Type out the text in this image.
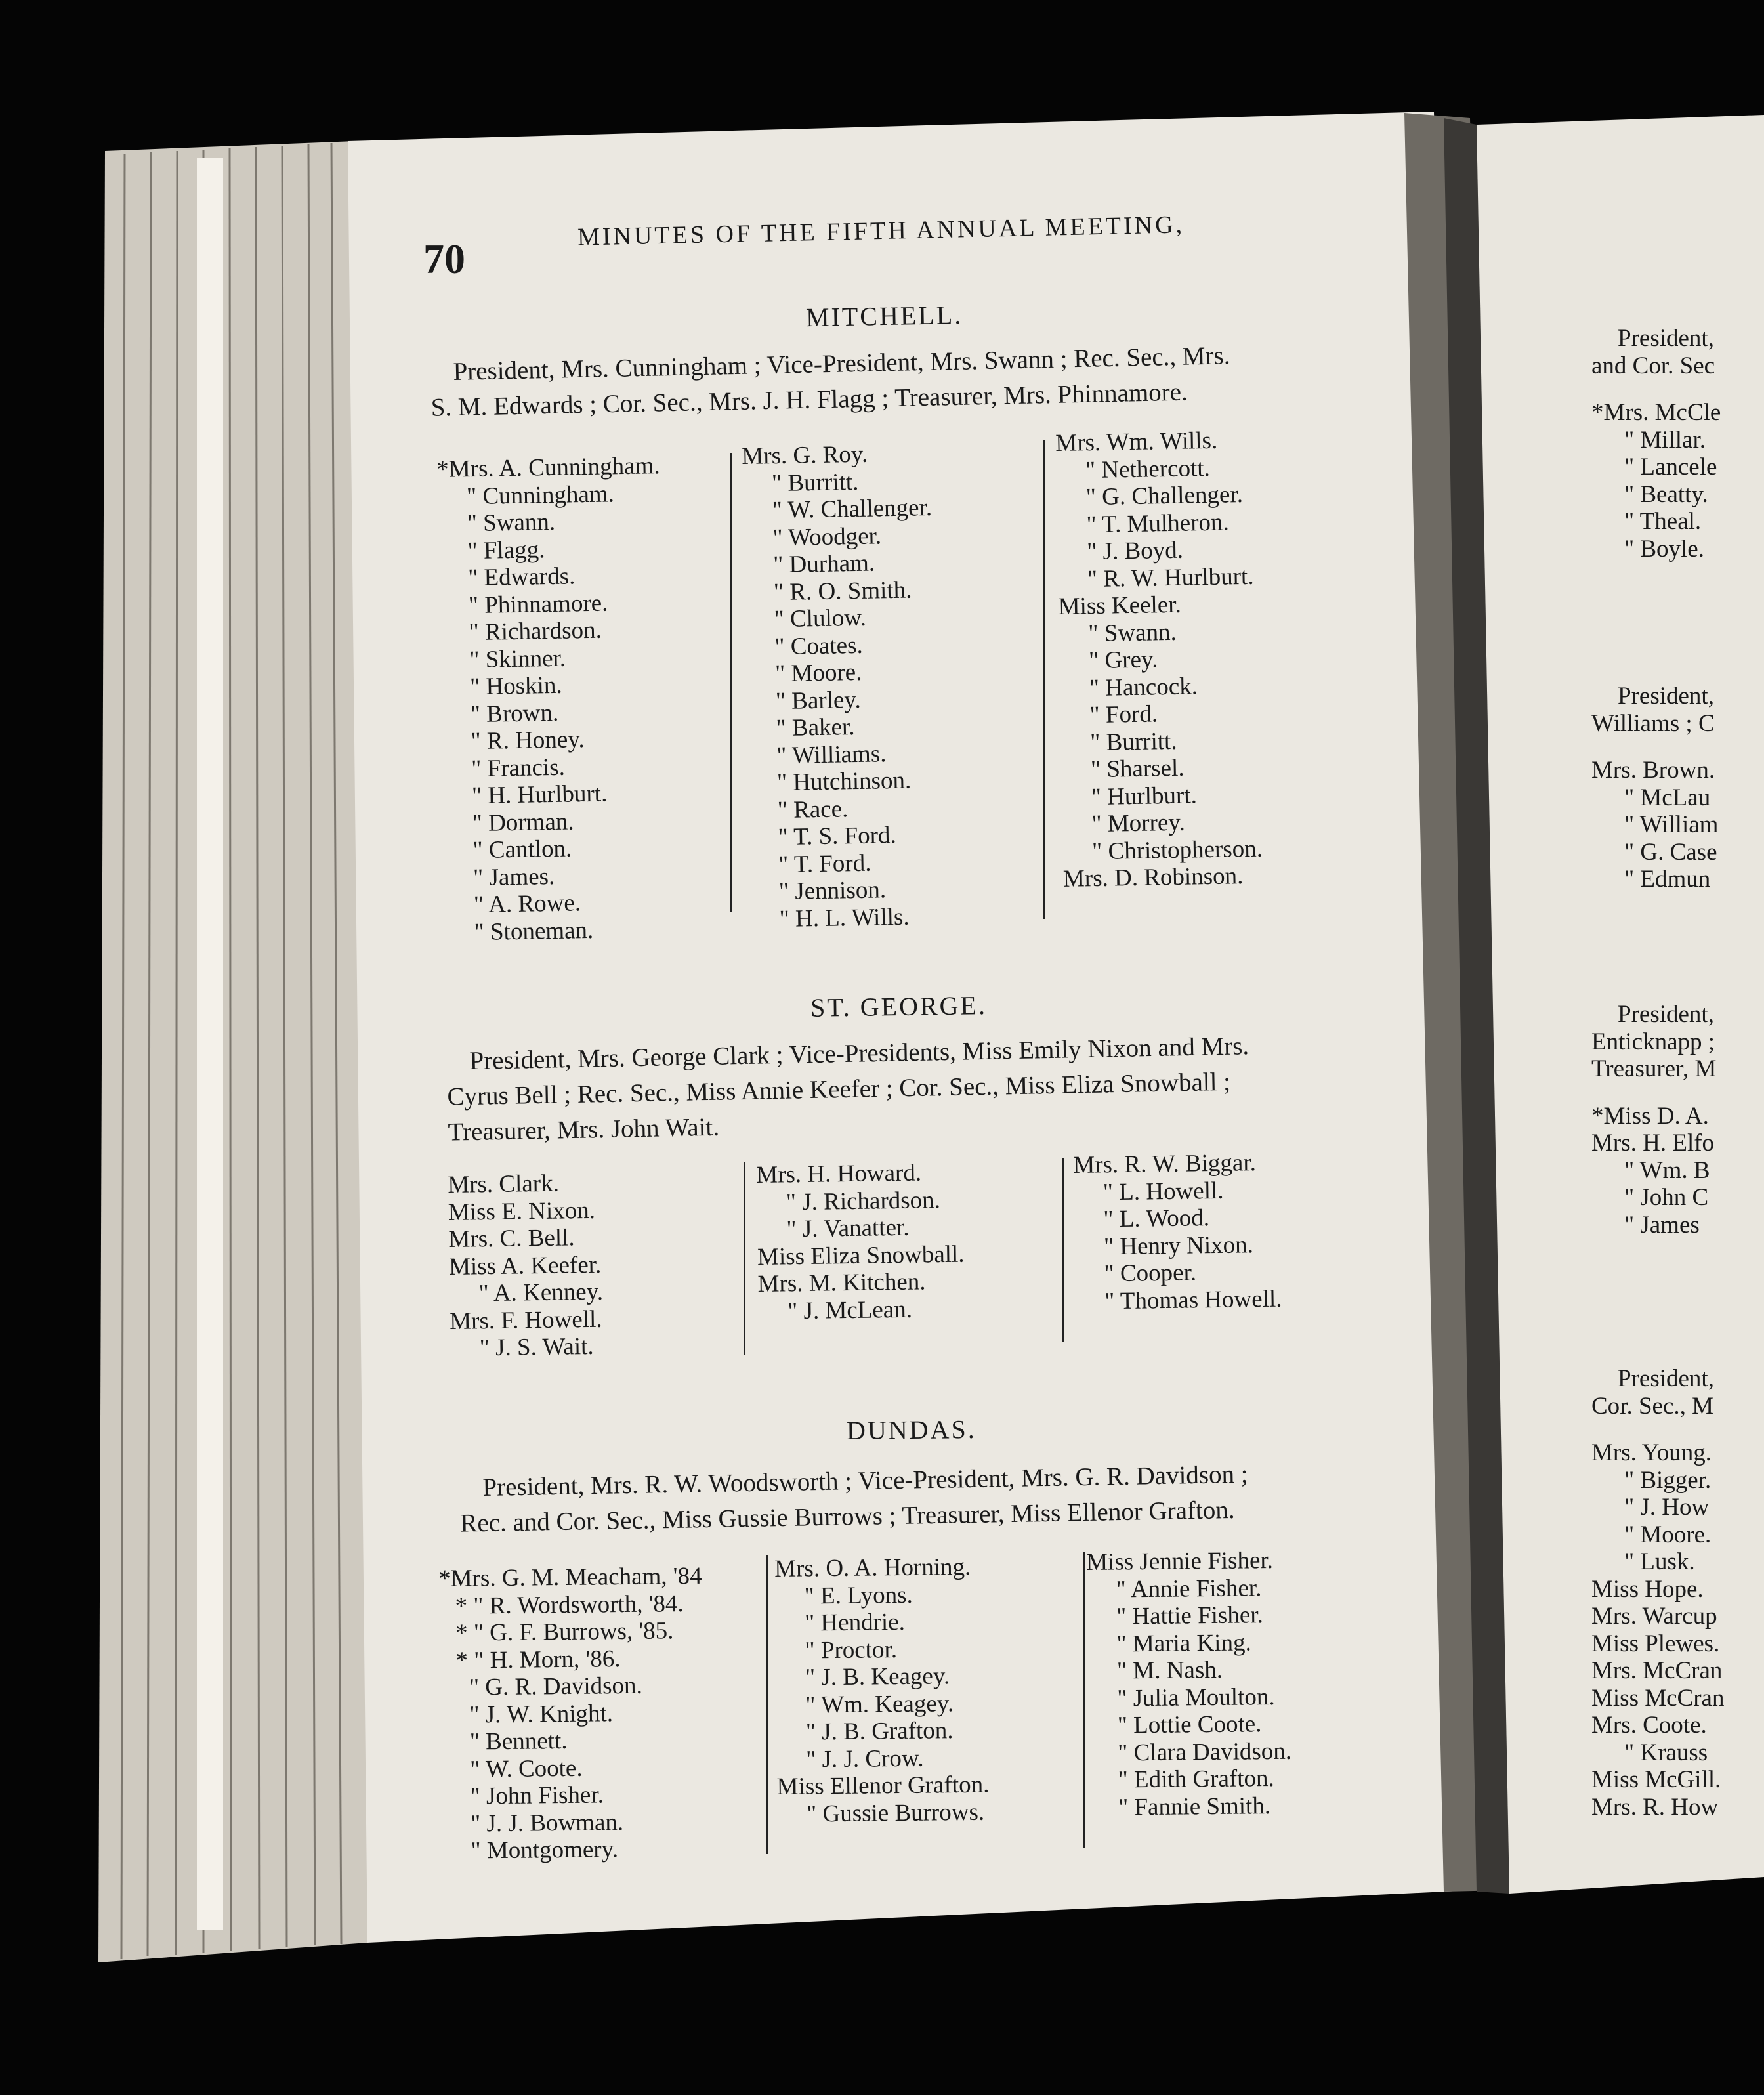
70
MINUTES OF THE FIFTH ANNUAL MEETING,
MITCHELL.
President, Mrs. Cunningham ; Vice-President, Mrs. Swann ; Rec. Sec., Mrs.
S. M. Edwards ; Cor. Sec., Mrs. J. H. Flagg ; Treasurer, Mrs. Phinnamore.
*Mrs. A. Cunningham.
" Cunningham.
" Swann.
" Flagg.
" Edwards.
" Phinnamore.
" Richardson.
" Skinner.
" Hoskin.
" Brown.
" R. Honey.
" Francis.
" H. Hurlburt.
" Dorman.
" Cantlon.
" James.
" A. Rowe.
" Stoneman.
Mrs. G. Roy.
" Burritt.
" W. Challenger.
" Woodger.
" Durham.
" R. O. Smith.
" Clulow.
" Coates.
" Moore.
" Barley.
" Baker.
" Williams.
" Hutchinson.
" Race.
" T. S. Ford.
" T. Ford.
" Jennison.
" H. L. Wills.
Mrs. Wm. Wills.
" Nethercott.
" G. Challenger.
" T. Mulheron.
" J. Boyd.
" R. W. Hurlburt.
Miss Keeler.
" Swann.
" Grey.
" Hancock.
" Ford.
" Burritt.
" Sharsel.
" Hurlburt.
" Morrey.
" Christopherson.
Mrs. D. Robinson.
ST. GEORGE.
President, Mrs. George Clark ; Vice-Presidents, Miss Emily Nixon and Mrs.
Cyrus Bell ; Rec. Sec., Miss Annie Keefer ; Cor. Sec., Miss Eliza Snowball ;
Treasurer, Mrs. John Wait.
Mrs. Clark.
Miss E. Nixon.
Mrs. C. Bell.
Miss A. Keefer.
" A. Kenney.
Mrs. F. Howell.
" J. S. Wait.
Mrs. H. Howard.
" J. Richardson.
" J. Vanatter.
Miss Eliza Snowball.
Mrs. M. Kitchen.
" J. McLean.
Mrs. R. W. Biggar.
" L. Howell.
" L. Wood.
" Henry Nixon.
" Cooper.
" Thomas Howell.
DUNDAS.
President, Mrs. R. W. Woodsworth ; Vice-President, Mrs. G. R. Davidson ;
Rec. and Cor. Sec., Miss Gussie Burrows ; Treasurer, Miss Ellenor Grafton.
*Mrs. G. M. Meacham, '84
* " R. Wordsworth, '84.
* " G. F. Burrows, '85.
* " H. Morn, '86.
" G. R. Davidson.
" J. W. Knight.
" Bennett.
" W. Coote.
" John Fisher.
" J. J. Bowman.
" Montgomery.
Mrs. O. A. Horning.
" E. Lyons.
" Hendrie.
" Proctor.
" J. B. Keagey.
" Wm. Keagey.
" J. B. Grafton.
" J. J. Crow.
Miss Ellenor Grafton.
" Gussie Burrows.
Miss Jennie Fisher.
" Annie Fisher.
" Hattie Fisher.
" Maria King.
" M. Nash.
" Julia Moulton.
" Lottie Coote.
" Clara Davidson.
" Edith Grafton.
" Fannie Smith.
President,
and Cor. Sec
*Mrs. McCle
" Millar.
" Lancele
" Beatty.
" Theal.
" Boyle.
President,
Williams ; C
Mrs. Brown.
" McLau
" William
" G. Case
" Edmun
President,
Enticknapp ;
Treasurer, M
*Miss D. A.
Mrs. H. Elfo
" Wm. B
" John C
" James
President,
Cor. Sec., M
Mrs. Young.
" Bigger.
" J. How
" Moore.
" Lusk.
Miss Hope.
Mrs. Warcup
Miss Plewes.
Mrs. McCran
Miss McCran
Mrs. Coote.
" Krauss
Miss McGill.
Mrs. R. How
